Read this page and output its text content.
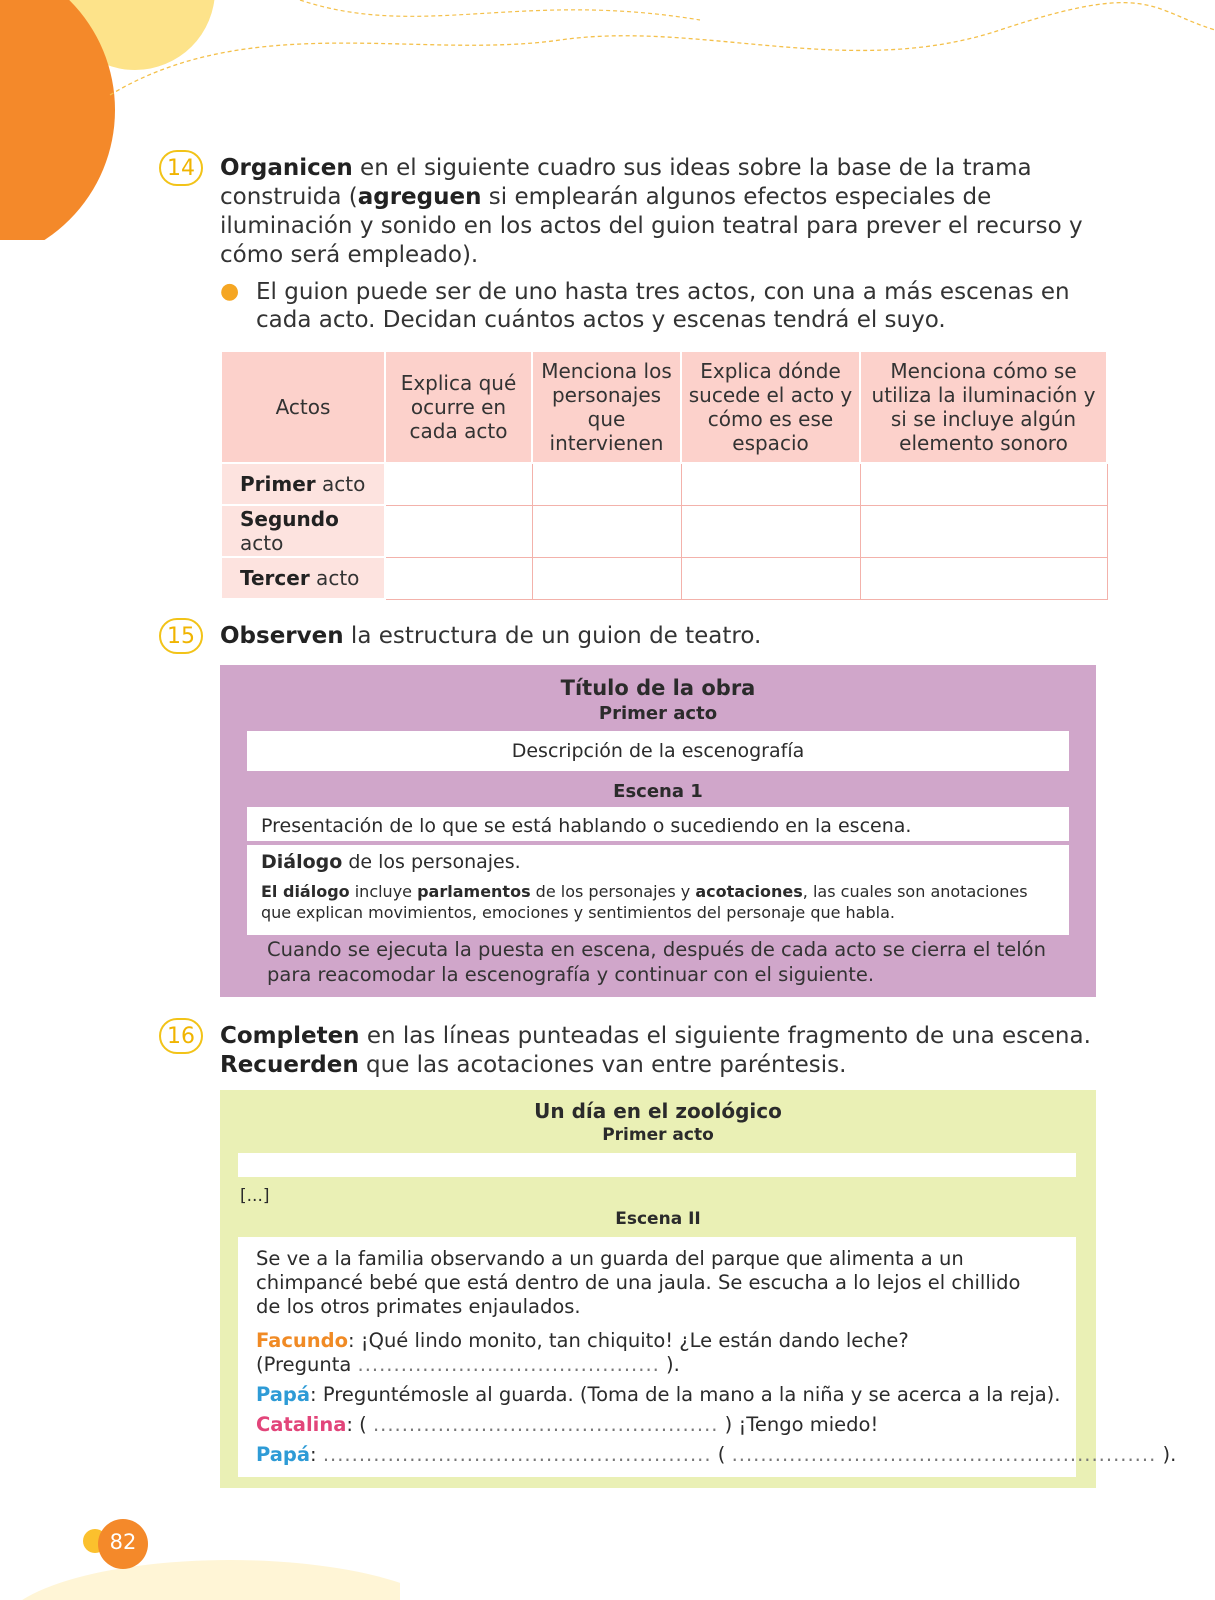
82
14	Organicen en el siguiente cuadro sus ideas sobre la base de la trama construida (agreguen si emplearán algunos efectos especiales de iluminación y sonido en los actos del guion teatral para prever el recurso y cómo será empleado).
● El guion puede ser de uno hasta tres actos, con una a más escenas en cada acto. Decidan cuántos actos y escenas tendrá el suyo.
Actos	Explica qué ocurre en cada acto	Menciona los personajes que intervienen	Explica dónde sucede el acto y cómo es ese espacio	Menciona cómo se utiliza la iluminación y si se incluye algún elemento sonoro
Primer acto				
Segundo acto				
Tercer acto				
15	Observen la estructura de un guion de teatro.
Título de la obra
Primer acto
Descripción de la escenografía
Escena 1
Presentación de lo que se está hablando o sucediendo en la escena.
Diálogo de los personajes.
El diálogo incluye parlamentos de los personajes y acotaciones, las cuales son anotaciones que explican movimientos, emociones y sentimientos del personaje que habla.
Cuando se ejecuta la puesta en escena, después de cada acto se cierra el telón para reacomodar la escenografía y continuar con el siguiente.
16	Completen en las líneas punteadas el siguiente fragmento de una escena.
Recuerden que las acotaciones van entre paréntesis.
Un día en el zoológico
Primer acto
[...]
Escena II
Se ve a la familia observando a un guarda del parque que alimenta a un chimpancé bebé que está dentro de una jaula. Se escucha a lo lejos el chillido de los otros primates enjaulados.
Facundo: ¡Qué lindo monito, tan chiquito! ¿Le están dando leche?
(Pregunta .......................................... ).
Papá: Preguntémosle al guarda. (Toma de la mano a la niña y se acerca a la reja).
Catalina: ( ................................................ ) ¡Tengo miedo!
Papá: ...................................................... ( ........................................................... ).
